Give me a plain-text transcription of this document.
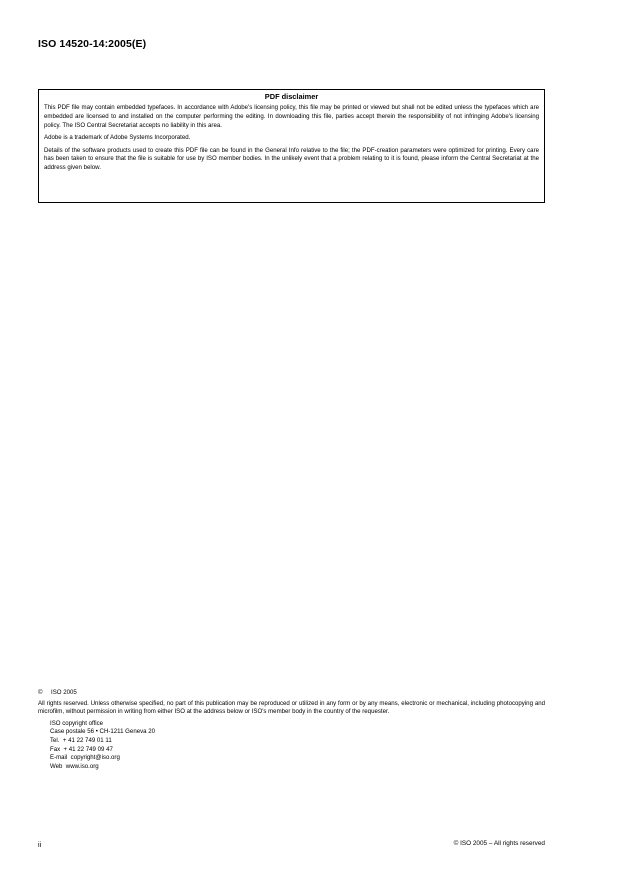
ISO 14520-14:2005(E)
PDF disclaimer

This PDF file may contain embedded typefaces. In accordance with Adobe's licensing policy, this file may be printed or viewed but shall not be edited unless the typefaces which are embedded are licensed to and installed on the computer performing the editing. In downloading this file, parties accept therein the responsibility of not infringing Adobe's licensing policy. The ISO Central Secretariat accepts no liability in this area.

Adobe is a trademark of Adobe Systems Incorporated.

Details of the software products used to create this PDF file can be found in the General Info relative to the file; the PDF-creation parameters were optimized for printing. Every care has been taken to ensure that the file is suitable for use by ISO member bodies. In the unlikely event that a problem relating to it is found, please inform the Central Secretariat at the address given below.

© ISO 2005

All rights reserved. Unless otherwise specified, no part of this publication may be reproduced or utilized in any form or by any means, electronic or mechanical, including photocopying and microfilm, without permission in writing from either ISO at the address below or ISO's member body in the country of the requester.

ISO copyright office
Case postale 56 • CH-1211 Geneva 20
Tel.  + 41 22 749 01 11
Fax  + 41 22 749 09 47
E-mail  copyright@iso.org
Web  www.iso.org
ii	© ISO 2005 – All rights reserved
